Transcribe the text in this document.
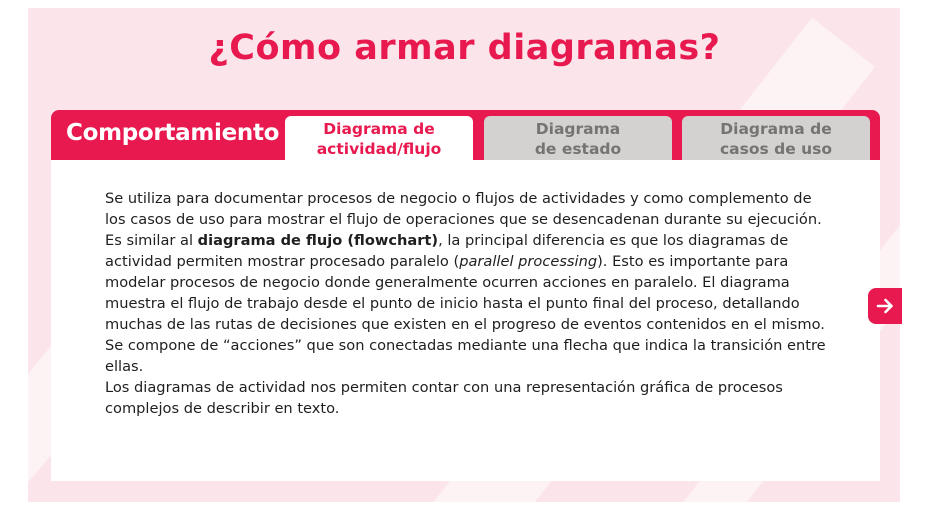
¿Cómo armar diagramas?
Comportamiento	Diagrama de
actividad/flujo
Diagrama
de estado
Diagrama de
casos de uso

Se utiliza para documentar procesos de negocio o flujos de actividades y como complemento de los casos de uso para mostrar el flujo de operaciones que se desencadenan durante su ejecución.

Es similar al diagrama de flujo (flowchart), la principal diferencia es que los diagramas de actividad permiten mostrar procesado paralelo (parallel processing). Esto es importante para modelar procesos de negocio donde generalmente ocurren acciones en paralelo. El diagrama muestra el flujo de trabajo desde el punto de inicio hasta el punto final del proceso, detallando muchas de las rutas de decisiones que existen en el progreso de eventos contenidos en el mismo. Se compone de “acciones” que son conectadas mediante una flecha que indica la transición entre ellas.

Los diagramas de actividad nos permiten contar con una representación gráfica de procesos complejos de describir en texto.
